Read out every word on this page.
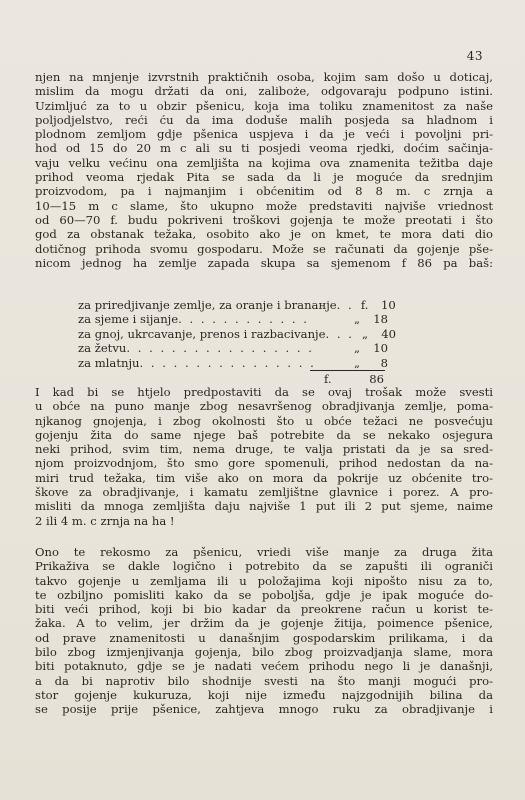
43
njen na mnjenje izvrstnih praktičnih osoba, kojim sam došo u doticaj,
mislim da mogu držati da oni, zaliboże, odgovaraju podpuno istini.
Uzimljuć za to u obzir pšenicu, koja ima toliku znamenitost za naše
poljodjelstvo, reći ću da ima doduše malih posjeda sa hladnom i
plodnom zemljom gdje pšenica uspjeva i da je veći i povoljni pri-
hod od 15 do 20 m c ali su ti posjedi veoma rjedki, doćim sačinja-
vaju velku većinu ona zemljišta na kojima ova znamenita težitba daje
prihod veoma rjedak Pita se sada da li je moguće da srednjim
proizvodom, pa i najmanjim i obćenitim od 8 8 m. c zrnja a
10—15 m c slame, što ukupno može predstaviti najviše vriednost
od 60—70 f. budu pokriveni troškovi gojenja te može preotati i što
god za obstanak težaka, osobito ako je on kmet, te mora dati dio
dotičnog prihoda svomu gospodaru. Može se računati da gojenje pše-
nicom jednog ha zemlje zapada skupa sa sjemenom f 86 pa baš:
za priredjivanje zemlje, za oranje i branaнje . . f.	10
za sjeme i sijanje . . . . . . . . . . . .	„	18
za gnoj, ukrcavanje, prenos i razbacivanje . . . „	40
za žetvu . . . . . . . . . . . . . . . . .	„	10
za mlatnju . . . . . . . . . . . . . . . .	„	8
f.	86
I kad bi se htjelo predpostaviti da se ovaj trošak može svesti
u obće na puno manje zbog nesavršenog obradjivanja zemlje, poma-
njkanog gnojenja, i zbog okolnosti što u obće težaci ne posvećuju
gojenju žita do same njege baš potrebite da se nekako osjegura
neki prihod, svim tim, nema druge, te valja pristati da je sa sred-
njom proizvodnjom, što smo gore spomenuli, prihod nedostan da na-
miri trud težaka, tim više ako on mora da pokrije uz obćenite tro-
škove za obradjivanje, i kamatu zemljištne glavnice i porez. A pro-
misliti da mnoga zemljišta daju najviše 1 put ili 2 put sjeme, naime
2 ili 4 m. c zrnja na ha !
Ono te rekosmo za pšenicu, vriedi više manje za druga žita
Prikaživa se dakle logično i potrebito da se zapušti ili ograniči
takvo gojenje u zemljama ili u položajima koji nipošto nisu za to,
te ozbiljno pomisliti kako da se poboljša, gdje je ipak moguće do-
biti veći prihod, koji bi bio kadar da preokrene račun u korist te-
žaka. A to velim, jer držim da je gojenje žitija, poimence pšenice,
od prave znamenitosti u današnjim gospodarskim prilikama, i da
bilo zbog izmjenjivanja gojenja, bilo zbog proizvadjanja slame, mora
biti potaknuto, gdje se je nadati većem prihodu nego li je današnji,
a da bi naprotiv bilo shodnije svesti na što manji mogući pro-
stor gojenje kukuruza, koji nije između najzgodnijih bilina da
se posije prije pšenice, zahtjeva mnogo ruku za obradjivanje i
